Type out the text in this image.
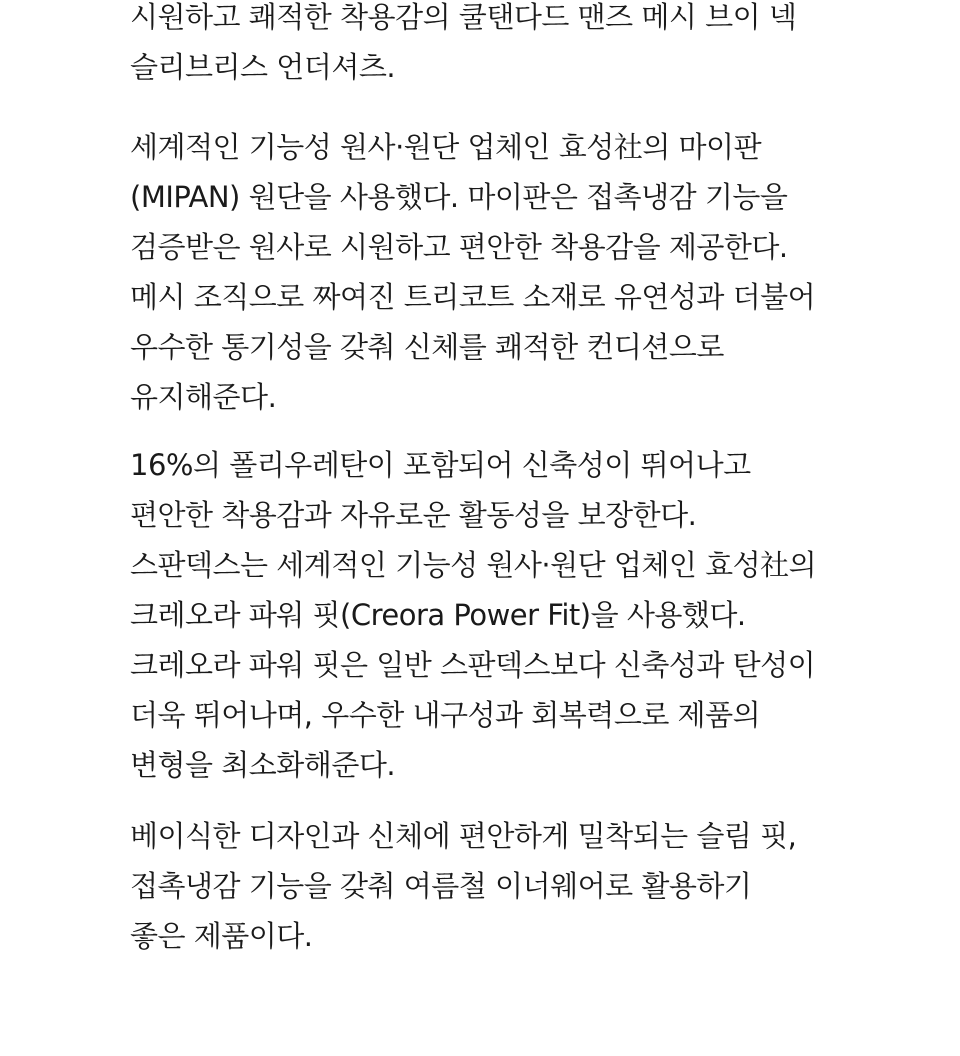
시원하고 쾌적한 착용감의 쿨탠다드 맨즈 메시 브이 넥
슬리브리스 언더셔츠.
세계적인 기능성 원사·원단 업체인 효성社의 마이판
(MIPAN) 원단을 사용했다. 마이판은 접촉냉감 기능을
검증받은 원사로 시원하고 편안한 착용감을 제공한다.
메시 조직으로 짜여진 트리코트 소재로 유연성과 더불어
우수한 통기성을 갖춰 신체를 쾌적한 컨디션으로
유지해준다.
16%의 폴리우레탄이 포함되어 신축성이 뛰어나고
편안한 착용감과 자유로운 활동성을 보장한다.
스판덱스는 세계적인 기능성 원사·원단 업체인 효성社의
크레오라 파워 핏(Creora Power Fit)을 사용했다.
크레오라 파워 핏은 일반 스판덱스보다 신축성과 탄성이
더욱 뛰어나며, 우수한 내구성과 회복력으로 제품의
변형을 최소화해준다.
베이식한 디자인과 신체에 편안하게 밀착되는 슬림 핏,
접촉냉감 기능을 갖춰 여름철 이너웨어로 활용하기
좋은 제품이다.
